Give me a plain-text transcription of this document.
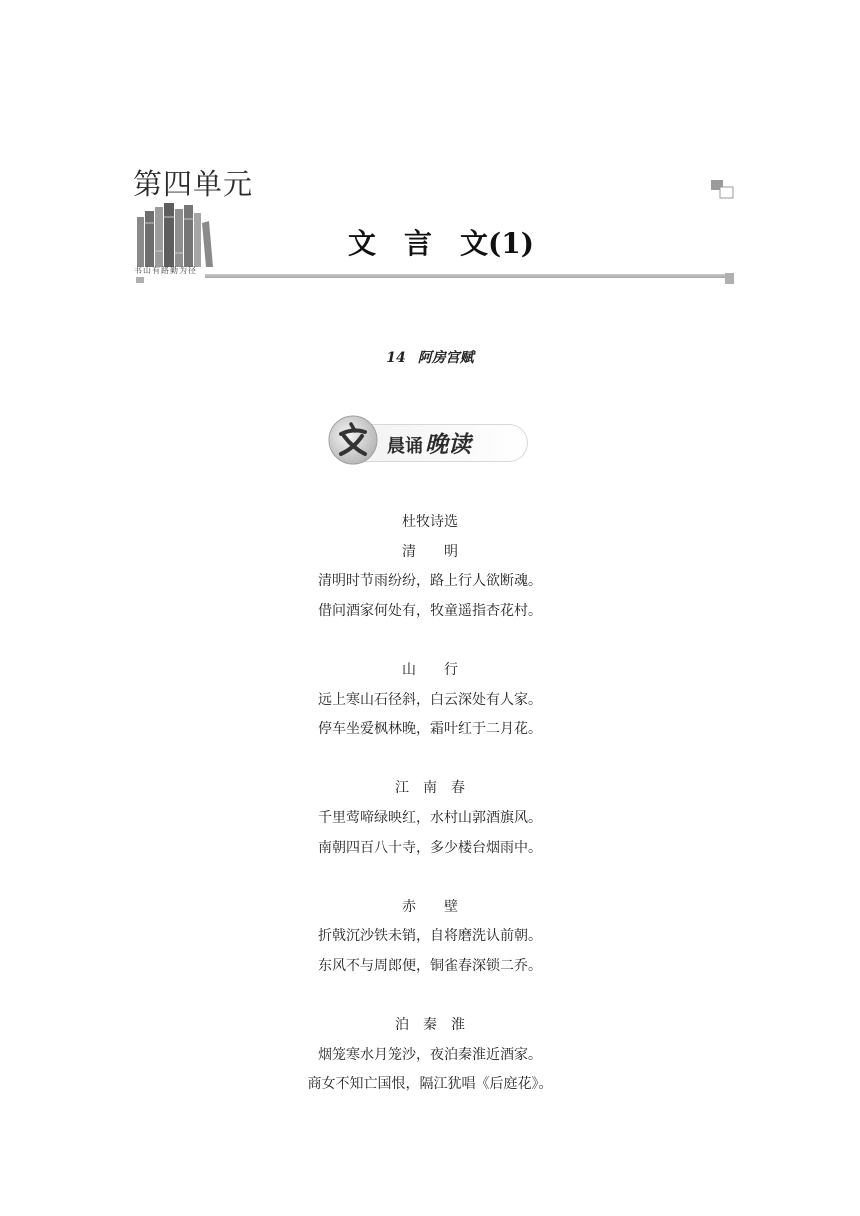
第四单元
书山有路勤为径
文　言　文(1)
14 阿房宫赋
晨诵晚读
杜牧诗选
清　　明
清明时节雨纷纷，路上行人欲断魂。
借问酒家何处有，牧童遥指杏花村。
山　　行
远上寒山石径斜，白云深处有人家。
停车坐爱枫林晚，霜叶红于二月花。
江　南　春
千里莺啼绿映红，水村山郭酒旗风。
南朝四百八十寺，多少楼台烟雨中。
赤　　壁
折戟沉沙铁未销，自将磨洗认前朝。
东风不与周郎便，铜雀春深锁二乔。
泊　秦　淮
烟笼寒水月笼沙，夜泊秦淮近酒家。
商女不知亡国恨，隔江犹唱《后庭花》。
